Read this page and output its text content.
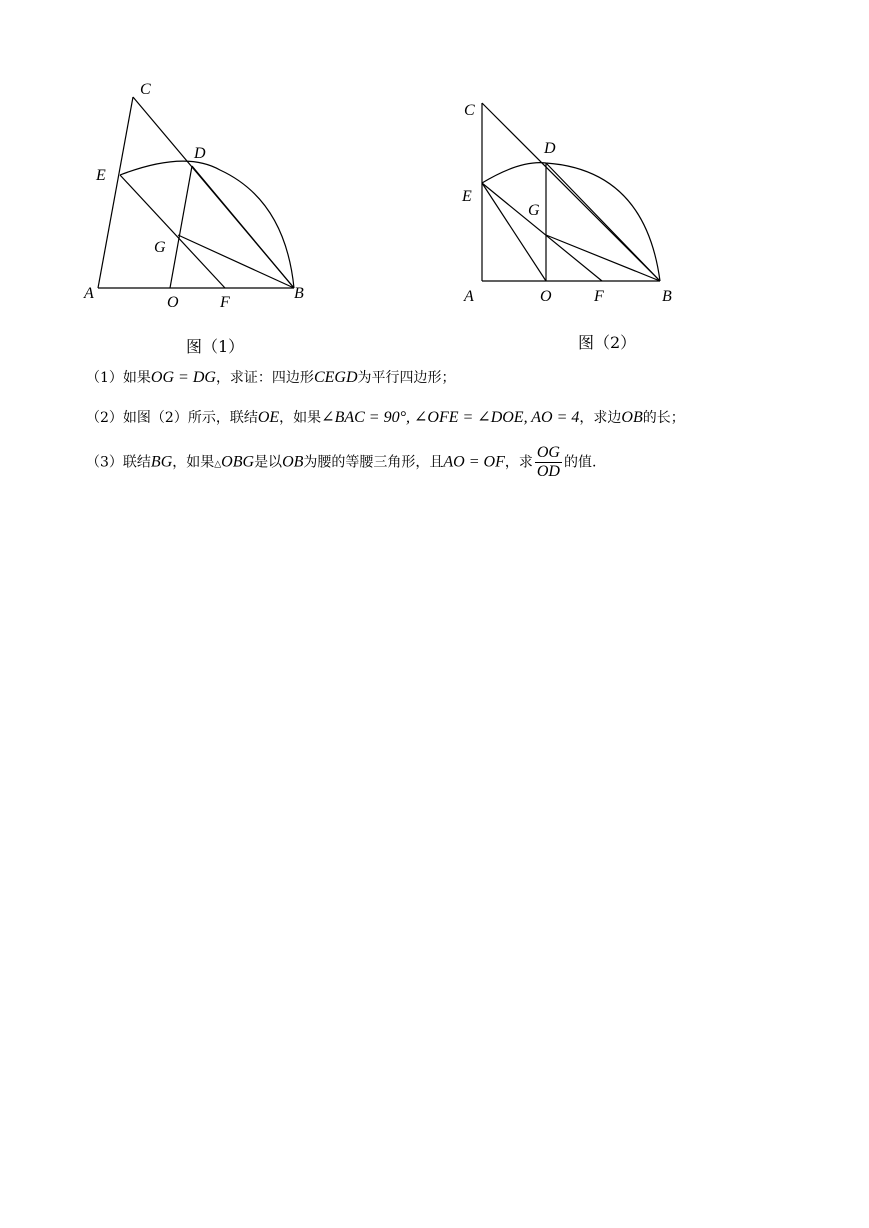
C
D
E
G
A
O	F
B
图（1）
C
D
E
G
A	O	F	B
图（2）
（1）如果OG = DG，求证：四边形CEGD为平行四边形；
（2）如图（2）所示，联结OE，如果∠BAC = 90°, ∠OFE = ∠DOE, AO = 4，求边OB的长；
（3）联结BG，如果△OBG是以OB为腰的等腰三角形，且AO = OF，求 $\frac{OG}{OD}$ 的值.
